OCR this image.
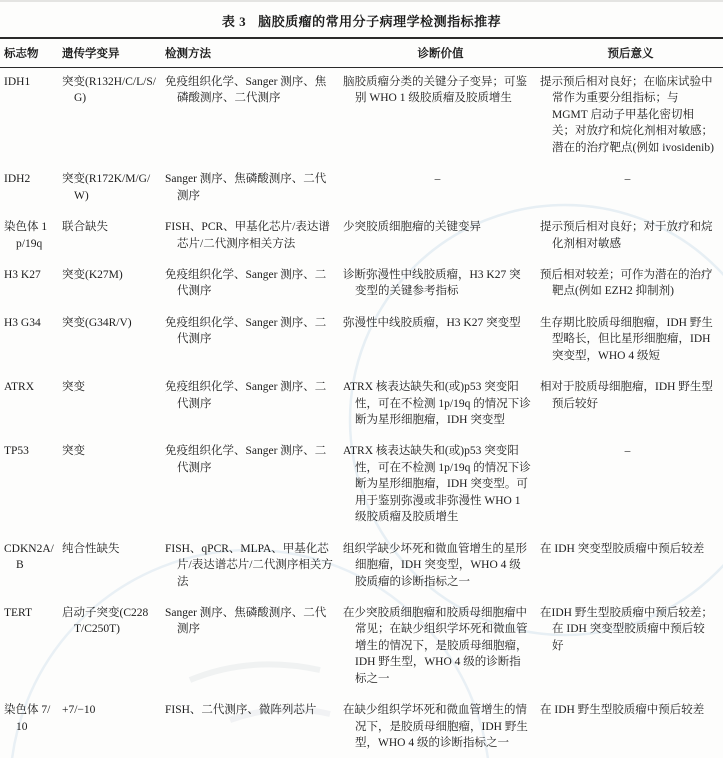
表 3 脑胶质瘤的常用分子病理学检测指标推荐
标志物	遗传学变异	检测方法	诊断价值	预后意义
IDH1	突变(R132H/C/L/S/G)	免疫组织化学、Sanger 测序、焦磷酸测序、二代测序	脑胶质瘤分类的关键分子变异；可鉴别 WHO 1 级胶质瘤及胶质增生	提示预后相对良好；在临床试验中常作为重要分组指标；与 MGMT 启动子甲基化密切相关；对放疗和烷化剂相对敏感；潜在的治疗靶点(例如 ivosidenib)
IDH2	突变(R172K/M/G/W)	Sanger 测序、焦磷酸测序、二代测序	–	–
染色体 1p/19q	联合缺失	FISH、PCR、甲基化芯片/表达谱芯片/二代测序相关方法	少突胶质细胞瘤的关键变异	提示预后相对良好；对于放疗和烷化剂相对敏感
H3 K27	突变(K27M)	免疫组织化学、Sanger 测序、二代测序	诊断弥漫性中线胶质瘤，H3 K27 突变型的关键参考指标	预后相对较差；可作为潜在的治疗靶点(例如 EZH2 抑制剂)
H3 G34	突变(G34R/V)	免疫组织化学、Sanger 测序、二代测序	弥漫性中线胶质瘤，H3 K27 突变型	生存期比胶质母细胞瘤，IDH 野生型略长，但比星形细胞瘤，IDH 突变型，WHO 4 级短
ATRX	突变	免疫组织化学、Sanger 测序、二代测序	ATRX 核表达缺失和(或)p53 突变阳性，可在不检测 1p/19q 的情况下诊断为星形细胞瘤，IDH 突变型	相对于胶质母细胞瘤，IDH 野生型预后较好
TP53	突变	免疫组织化学、Sanger 测序、二代测序	ATRX 核表达缺失和(或)p53 突变阳性，可在不检测 1p/19q 的情况下诊断为星形细胞瘤，IDH 突变型。可用于鉴别弥漫或非弥漫性 WHO 1 级胶质瘤及胶质增生	–
CDKN2A/B	纯合性缺失	FISH、qPCR、MLPA、甲基化芯片/表达谱芯片/二代测序相关方法	组织学缺少坏死和微血管增生的星形细胞瘤，IDH 突变型，WHO 4 级胶质瘤的诊断指标之一	在 IDH 突变型胶质瘤中预后较差
TERT	启动子突变(C228T/C250T)	Sanger 测序、焦磷酸测序、二代测序	在少突胶质细胞瘤和胶质母细胞瘤中常见；在缺少组织学坏死和微血管增生的情况下，是胶质母细胞瘤，IDH 野生型，WHO 4 级的诊断指标之一	在IDH 野生型胶质瘤中预后较差；在 IDH 突变型胶质瘤中预后较好
染色体 7/10	+7/−10	FISH、二代测序、微阵列芯片	在缺少组织学坏死和微血管增生的情况下，是胶质母细胞瘤，IDH 野生型，WHO 4 级的诊断指标之一	在 IDH 野生型胶质瘤中预后较差
